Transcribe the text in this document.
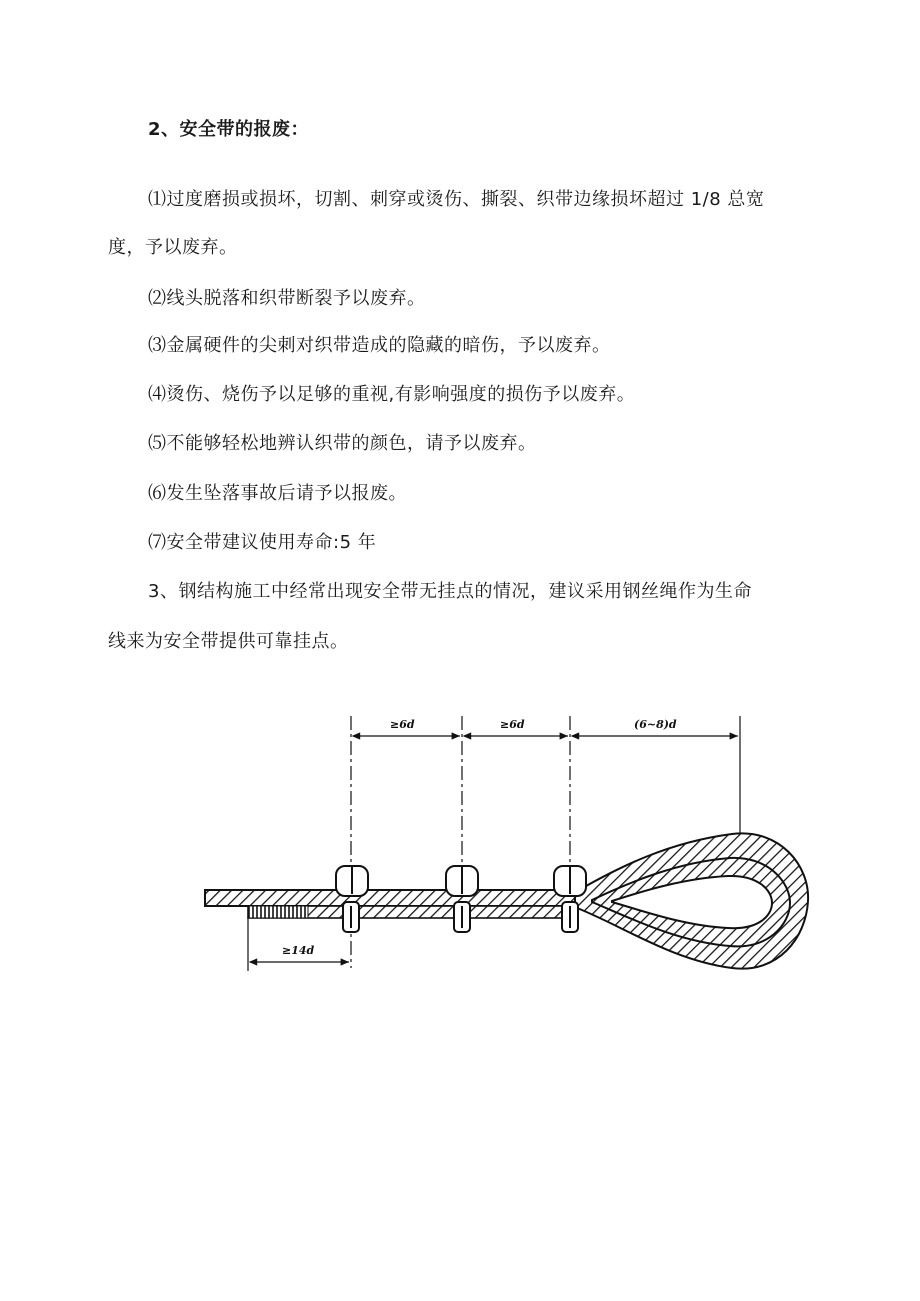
2、安全带的报废：
⑴过度磨损或损坏，切割、刺穿或烫伤、撕裂、织带边缘损坏超过 1/8 总宽
度，予以废弃。
⑵线头脱落和织带断裂予以废弃。
⑶金属硬件的尖刺对织带造成的隐藏的暗伤，予以废弃。
⑷烫伤、烧伤予以足够的重视,有影响强度的损伤予以废弃。
⑸不能够轻松地辨认织带的颜色，请予以废弃。
⑹发生坠落事故后请予以报废。
⑺安全带建议使用寿命:5 年
3、钢结构施工中经常出现安全带无挂点的情况，建议采用钢丝绳作为生命
线来为安全带提供可靠挂点。
≥6d	≥6d	(6~8)d
≥14d
